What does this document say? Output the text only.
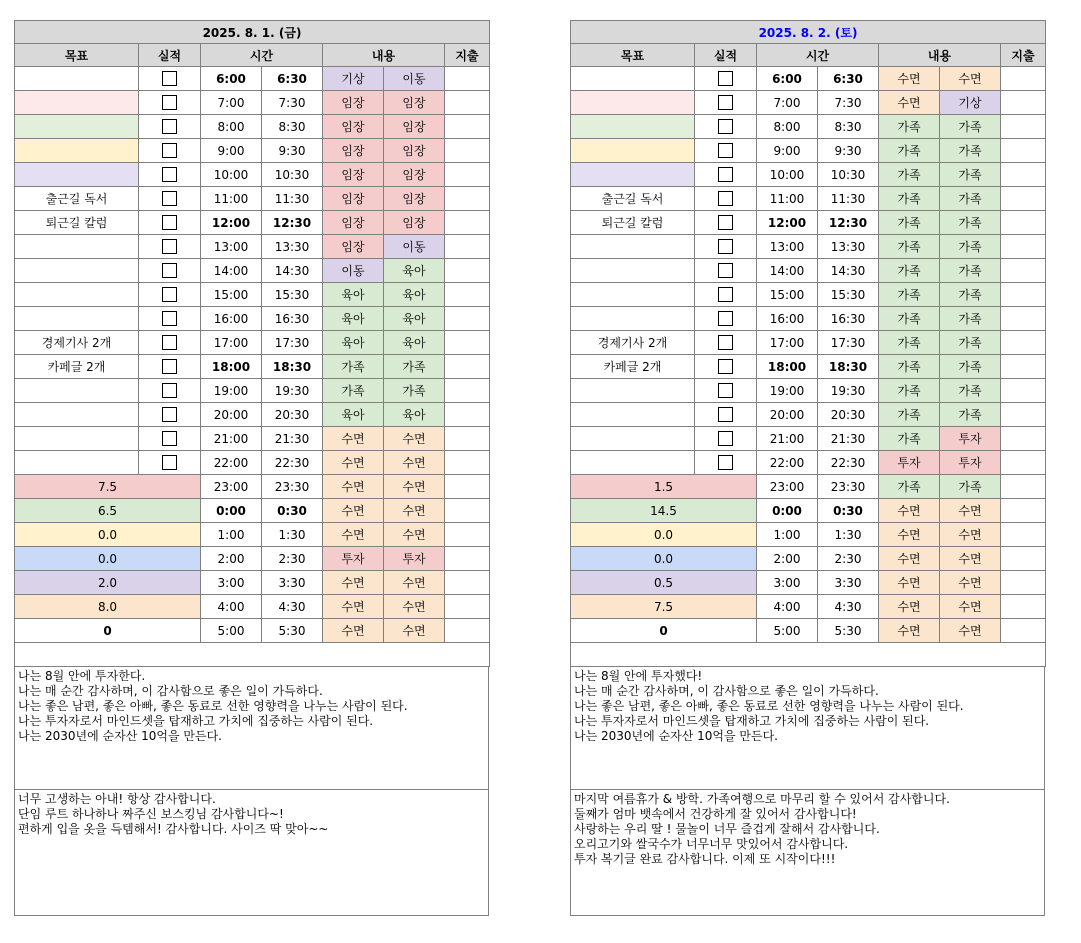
2025. 8. 1. (금)						
목표	실적	시간		내용		지출
		6:00	6:30	기상	이동	
		7:00	7:30	임장	임장	
		8:00	8:30	임장	임장	
		9:00	9:30	임장	임장	
		10:00	10:30	임장	임장	
출근길 독서		11:00	11:30	임장	임장	
퇴근길 칼럼		12:00	12:30	임장	임장	
		13:00	13:30	임장	이동	
		14:00	14:30	이동	육아	
		15:00	15:30	육아	육아	
		16:00	16:30	육아	육아	
경제기사 2개		17:00	17:30	육아	육아	
카페글 2개		18:00	18:30	가족	가족	
		19:00	19:30	가족	가족	
		20:00	20:30	육아	육아	
		21:00	21:30	수면	수면	
		22:00	22:30	수면	수면	
7.5		23:00	23:30	수면	수면	
6.5		0:00	0:30	수면	수면	
0.0		1:00	1:30	수면	수면	
0.0		2:00	2:30	투자	투자	
2.0		3:00	3:30	수면	수면	
8.0		4:00	4:30	수면	수면	
0		5:00	5:30	수면	수면	

나는 8월 안에 투자한다.
나는 매 순간 감사하며, 이 감사함으로 좋은 일이 가득하다.
나는 좋은 남편, 좋은 아빠, 좋은 동료로 선한 영향력을 나누는 사람이 된다.
나는 투자자로서 마인드셋을 탑재하고 가치에 집중하는 사람이 된다.
나는 2030년에 순자산 10억을 만든다.
너무 고생하는 아내! 항상 감사합니다.
단임 루트 하나하나 짜주신 보스킹님 감사합니다~!
편하게 입을 옷을 득템해서! 감사합니다. 사이즈 딱 맞아~~
2025. 8. 2. (토)						
목표	실적	시간		내용		지출
		6:00	6:30	수면	수면	
		7:00	7:30	수면	기상	
		8:00	8:30	가족	가족	
		9:00	9:30	가족	가족	
		10:00	10:30	가족	가족	
출근길 독서		11:00	11:30	가족	가족	
퇴근길 칼럼		12:00	12:30	가족	가족	
		13:00	13:30	가족	가족	
		14:00	14:30	가족	가족	
		15:00	15:30	가족	가족	
		16:00	16:30	가족	가족	
경제기사 2개		17:00	17:30	가족	가족	
카페글 2개		18:00	18:30	가족	가족	
		19:00	19:30	가족	가족	
		20:00	20:30	가족	가족	
		21:00	21:30	가족	투자	
		22:00	22:30	투자	투자	
1.5		23:00	23:30	가족	가족	
14.5		0:00	0:30	수면	수면	
0.0		1:00	1:30	수면	수면	
0.0		2:00	2:30	수면	수면	
0.5		3:00	3:30	수면	수면	
7.5		4:00	4:30	수면	수면	
0		5:00	5:30	수면	수면	

나는 8월 안에 투자했다!
나는 매 순간 감사하며, 이 감사함으로 좋은 일이 가득하다.
나는 좋은 남편, 좋은 아빠, 좋은 동료로 선한 영향력을 나누는 사람이 된다.
나는 투자자로서 마인드셋을 탑재하고 가치에 집중하는 사람이 된다.
나는 2030년에 순자산 10억을 만든다.
마지막 여름휴가 & 방학. 가족여행으로 마무리 할 수 있어서 감사합니다.
둘째가 엄마 뱃속에서 건강하게 잘 있어서 감사합니다!
사랑하는 우리 딸 ! 물놀이 너무 즐겁게 잘해서 감사합니다.
오리고기와 쌀국수가 너무너무 맛있어서 감사합니다.
투자 복기글 완료 감사합니다. 이제 또 시작이다!!!
